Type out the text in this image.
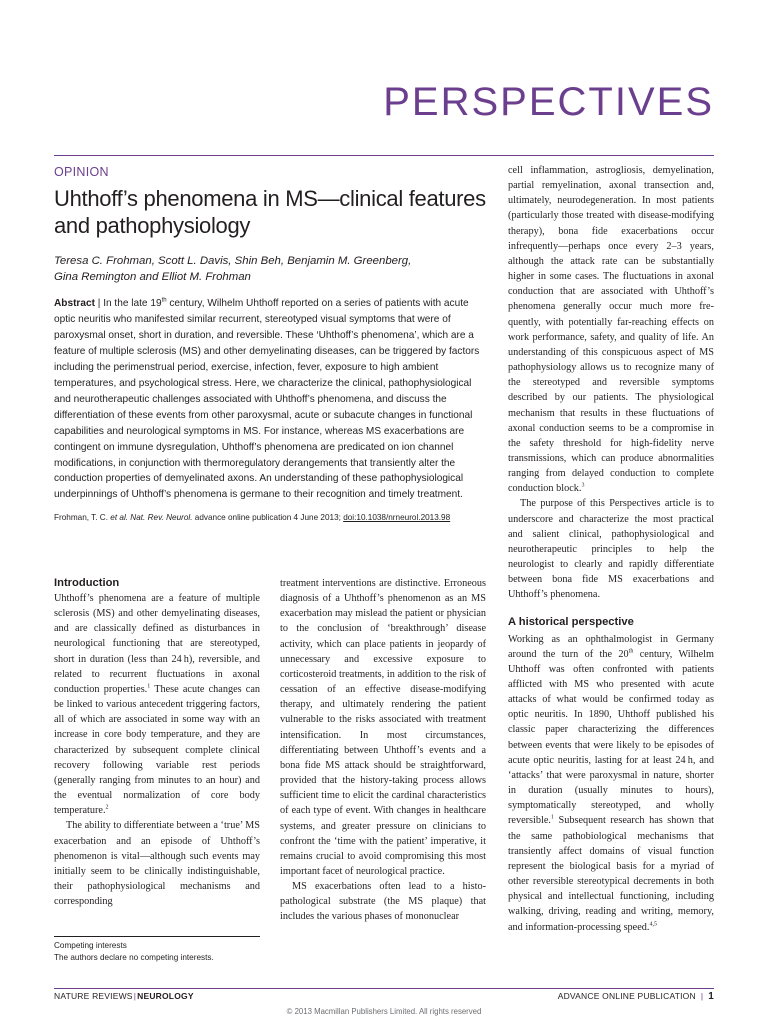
PERSPECTIVES
OPINION
Uhthoff’s phenomena in MS—clinical features and pathophysiology
Teresa C. Frohman, Scott L. Davis, Shin Beh, Benjamin M. Greenberg,
Gina Remington and Elliot M. Frohman
Abstract | In the late 19th century, Wilhelm Uhthoff reported on a series of patients with acute optic neuritis who manifested similar recurrent, stereotyped visual symptoms that were of paroxysmal onset, short in duration, and reversible. These ‘Uhthoff’s phenomena’, which are a feature of multiple sclerosis (MS) and other demyelinating diseases, can be triggered by factors including the perimenstrual period, exercise, infection, fever, exposure to high ambient temperatures, and psychological stress. Here, we characterize the clinical, pathophysiological and neurotherapeutic challenges associated with Uhthoff’s phenomena, and discuss the differentiation of these events from other paroxysmal, acute or subacute changes in functional capabilities and neurological symptoms in MS. For instance, whereas MS exacerbations are contingent on immune dysregulation, Uhthoff’s phenomena are predicated on ion channel modifications, in conjunction with thermoregulatory derangements that transiently alter the conduction properties of demyelinated axons. An understanding of these pathophysiological underpinnings of Uhthoff’s phenomena is germane to their recognition and timely treatment.
Frohman, T. C. et al. Nat. Rev. Neurol. advance online publication 4 June 2013; doi:10.1038/nrneurol.2013.98
Introduction

Uhthoff’s phenomena are a feature of multiple sclerosis (MS) and other demyelinating diseases, and are classically defined as disturbances in neurological functioning that are stereotyped, short in duration (less than 24 h), reversible, and related to recurrent fluctuations in axonal conduction properties.$^1$ These acute changes can be linked to various antecedent triggering factors, all of which are associated in some way with an increase in core body temperature, and they are characterized by subsequent complete clinical recovery following variable rest periods (generally ranging from minutes to an hour) and the eventual normalization of core body temperature.$^2$

The ability to differentiate between a ‘true’ MS exacerbation and an episode of Uhthoff’s phenomenon is vital—although such events may initially seem to be clinically indistinguishable, their pathophysiological mechanisms and corresponding

treatment interventions are distinctive. Erroneous diagnosis of a Uhthoff’s phenomenon as an MS exacerbation may mislead the patient or physician to the conclusion of ‘breakthrough’ disease activity, which can place patients in jeopardy of unnecessary and excessive exposure to corticosteroid treatments, in addition to the risk of cessation of an effective disease-modifying therapy, and ultimately rendering the patient vulnerable to the risks associated with treatment intensification. In most circumstances, differentiating between Uhthoff’s events and a bona fide MS attack should be straightforward, provided that the history-taking process allows sufficient time to elicit the cardinal characteristics of each type of event. With changes in healthcare systems, and greater pressure on clinicians to confront the ‘time with the patient’ imperative, it remains crucial to avoid compromising this most important facet of neurological practice.

MS exacerbations often lead to a histopathological substrate (the MS plaque) that includes the various phases of mononuclear

cell inflammation, astrogliosis, demyelination, partial remyelination, axonal transection and, ultimately, neurodegeneration. In most patients (particularly those treated with disease-modifying therapy), bona fide exacerbations occur infrequently—perhaps once every 2–3 years, although the attack rate can be substantially higher in some cases. The fluctuations in axonal conduction that are associated with Uhthoff’s phenomena generally occur much more frequently, with potentially far-reaching effects on work performance, safety, and quality of life. An understanding of this conspicuous aspect of MS pathophysiology allows us to recognize many of the stereotyped and reversible symptoms described by our patients. The physiological mechanism that results in these fluctuations of axonal conduction seems to be a compromise in the safety threshold for high-fidelity nerve transmissions, which can produce abnormalities ranging from delayed conduction to complete conduction block.$^3$

The purpose of this Perspectives article is to underscore and characterize the most practical and salient clinical, pathophysiological and neurotherapeutic principles to help the neurologist to clearly and rapidly differentiate between bona fide MS exacerbations and Uhthoff’s phenomena.

A historical perspective

Working as an ophthalmologist in Germany around the turn of the 20th century, Wilhelm Uhthoff was often confronted with patients afflicted with MS who presented with acute attacks of what would be confirmed today as optic neuritis. In 1890, Uhthoff published his classic paper characterizing the differences between events that were likely to be episodes of acute optic neuritis, lasting for at least 24 h, and ‘attacks’ that were paroxysmal in nature, shorter in duration (usually minutes to hours), symptomatically stereotyped, and wholly reversible.$^1$ Subsequent research has shown that the same pathobiological mechanisms that transiently affect domains of visual function represent the biological basis for a myriad of other reversible stereotypical decrements in both physical and intellectual functioning, including walking, driving, reading and writing, memory, and information-processing speed.$^{4,5}$

Competing interests
The authors declare no competing interests.
NATURE REVIEWS|NEUROLOGY	ADVANCE ONLINE PUBLICATION | 1
© 2013 Macmillan Publishers Limited. All rights reserved
